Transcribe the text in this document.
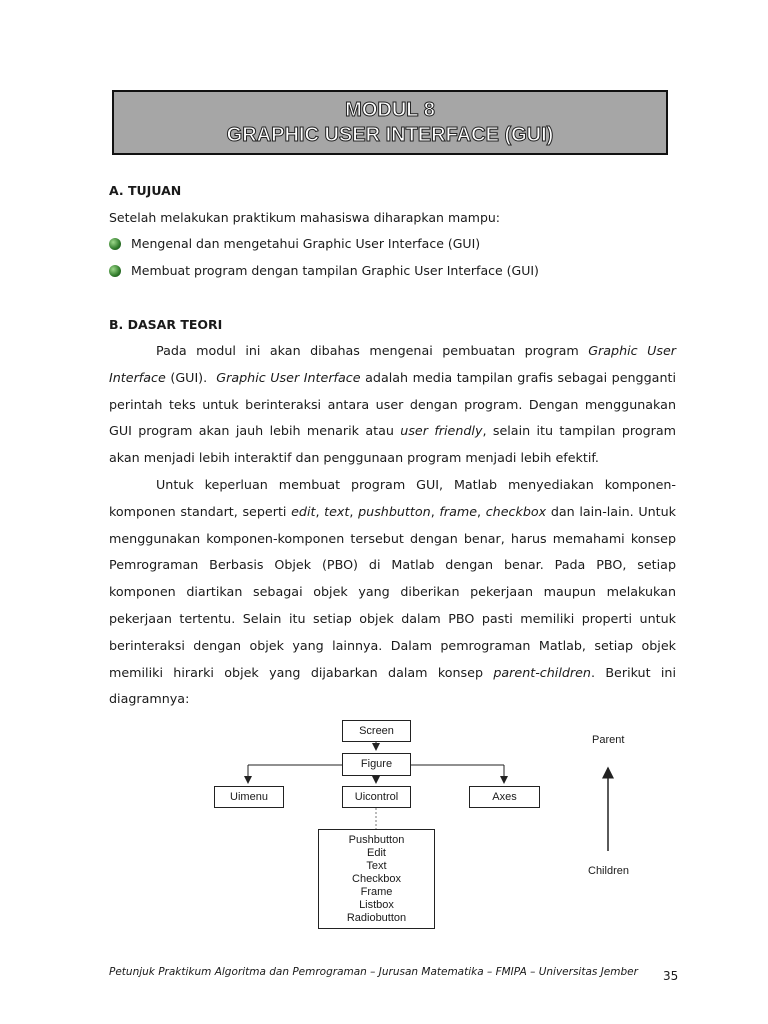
MODUL 8
GRAPHIC USER INTERFACE (GUI)
A. TUJUAN
Setelah melakukan praktikum mahasiswa diharapkan mampu:
Mengenal dan mengetahui Graphic User Interface (GUI)
Membuat program dengan tampilan Graphic User Interface (GUI)
B. DASAR TEORI
Pada modul ini akan dibahas mengenai pembuatan program Graphic User Interface (GUI).  Graphic User Interface adalah media tampilan grafis sebagai pengganti perintah teks untuk berinteraksi antara user dengan program. Dengan menggunakan GUI program akan jauh lebih menarik atau user friendly, selain itu tampilan program akan menjadi lebih interaktif dan penggunaan program menjadi lebih efektif.
Untuk keperluan membuat program GUI, Matlab menyediakan komponen-komponen standart, seperti edit, text, pushbutton, frame, checkbox dan lain-lain. Untuk menggunakan komponen-komponen tersebut dengan benar, harus memahami konsep Pemrograman Berbasis Objek (PBO) di Matlab dengan benar. Pada PBO, setiap komponen diartikan sebagai objek yang diberikan pekerjaan maupun melakukan pekerjaan tertentu. Selain itu setiap objek dalam PBO pasti memiliki properti untuk berinteraksi dengan objek yang lainnya. Dalam pemrograman Matlab, setiap objek memiliki hirarki objek yang dijabarkan dalam konsep parent-children. Berikut ini diagramnya:
Screen
Figure
Uimenu	Uicontrol	Axes
Pushbutton
Edit
Text
Checkbox
Frame
Listbox
Radiobutton
Parent
Children
Petunjuk Praktikum Algoritma dan Pemrograman – Jurusan Matematika – FMIPA – Universitas Jember 35
